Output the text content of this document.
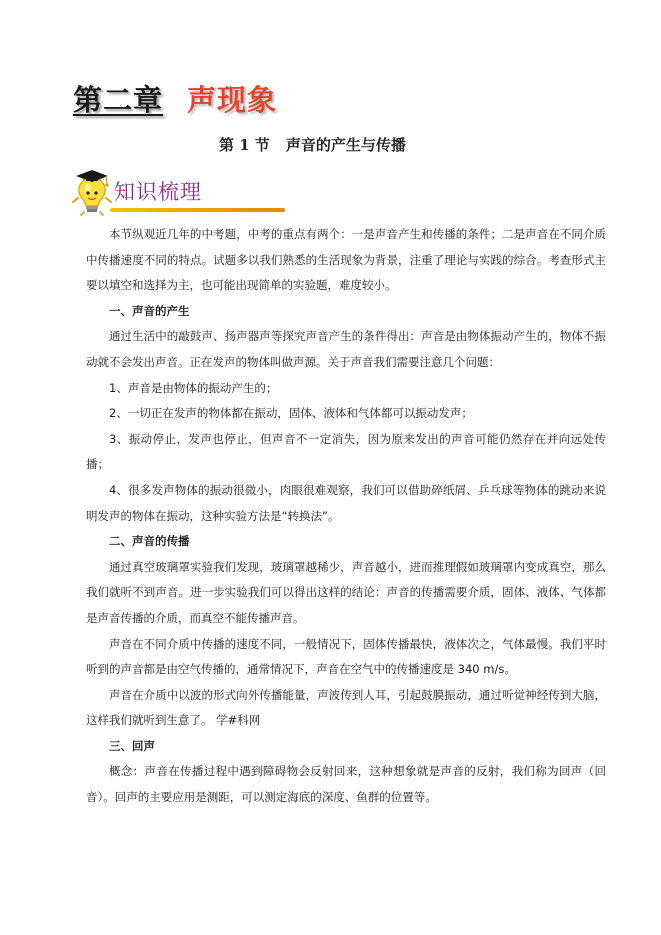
第二章 声现象
第 1 节 声音的产生与传播
知识梳理

本节纵观近几年的中考题，中考的重点有两个：一是声音产生和传播的条件；二是声音在不同介质中传播速度不同的特点。试题多以我们熟悉的生活现象为背景，注重了理论与实践的综合。考查形式主要以填空和选择为主，也可能出现简单的实验题，难度较小。

一、声音的产生

通过生活中的敲鼓声、扬声器声等探究声音产生的条件得出：声音是由物体振动产生的，物体不振动就不会发出声音。正在发声的物体叫做声源。关于声音我们需要注意几个问题：

1、声音是由物体的振动产生的；

2、一切正在发声的物体都在振动，固体、液体和气体都可以振动发声；

3、振动停止，发声也停止，但声音不一定消失，因为原来发出的声音可能仍然存在并向远处传播；

4、很多发声物体的振动很微小，肉眼很难观察，我们可以借助碎纸屑、乒乓球等物体的跳动来说明发声的物体在振动，这种实验方法是“转换法”。

二、声音的传播

通过真空玻璃罩实验我们发现，玻璃罩越稀少，声音越小，进而推理假如玻璃罩内变成真空，那么我们就听不到声音。进一步实验我们可以得出这样的结论：声音的传播需要介质，固体、液体、气体都是声音传播的介质，而真空不能传播声音。

声音在不同介质中传播的速度不同，一般情况下，固体传播最快，液体次之，气体最慢。我们平时听到的声音都是由空气传播的，通常情况下，声音在空气中的传播速度是 340 m/s。

声音在介质中以波的形式向外传播能量，声波传到人耳，引起鼓膜振动，通过听觉神经传到大脑，这样我们就听到生意了。 学#科网

三、回声

概念：声音在传播过程中遇到障碍物会反射回来，这种想象就是声音的反射，我们称为回声（回音）。回声的主要应用是测距，可以测定海底的深度、鱼群的位置等。
